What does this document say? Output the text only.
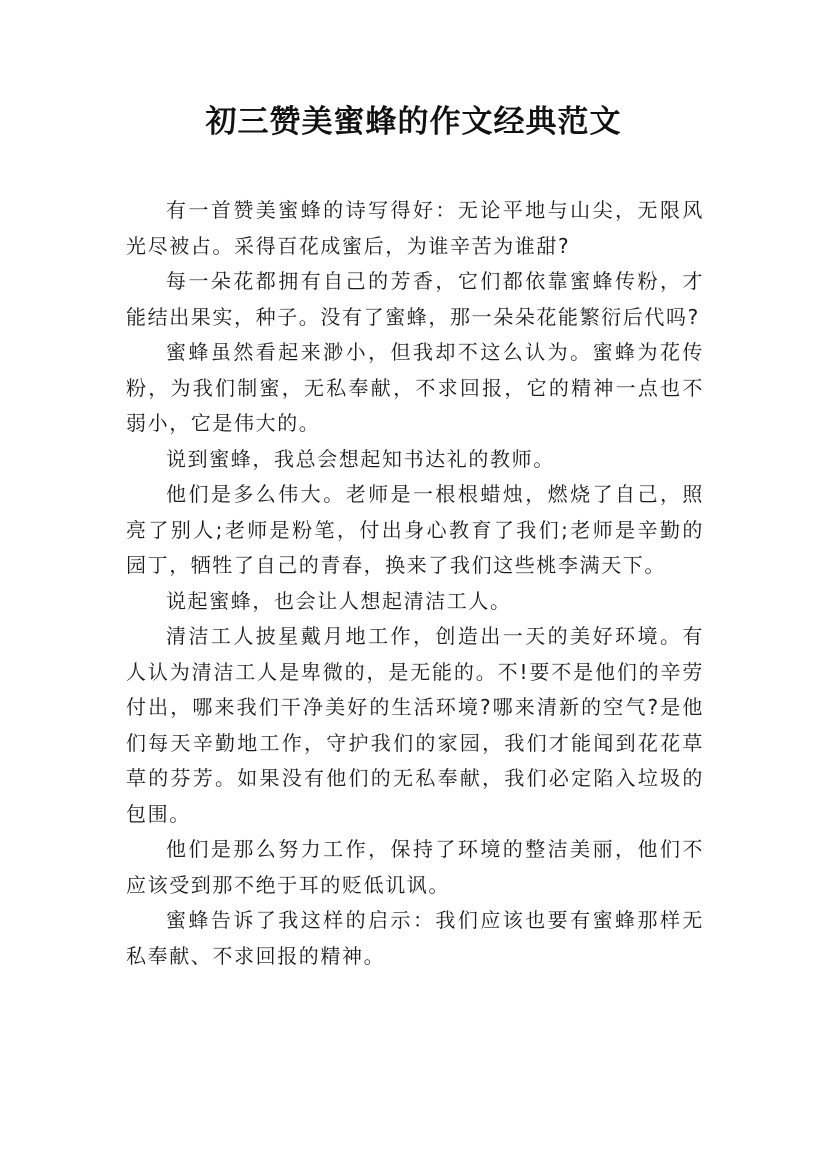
初三赞美蜜蜂的作文经典范文

有一首赞美蜜蜂的诗写得好：无论平地与山尖，无限风光尽被占。采得百花成蜜后，为谁辛苦为谁甜?

每一朵花都拥有自己的芳香，它们都依靠蜜蜂传粉，才能结出果实，种子。没有了蜜蜂，那一朵朵花能繁衍后代吗?

蜜蜂虽然看起来渺小，但我却不这么认为。蜜蜂为花传粉，为我们制蜜，无私奉献，不求回报，它的精神一点也不弱小，它是伟大的。

说到蜜蜂，我总会想起知书达礼的教师。

他们是多么伟大。老师是一根根蜡烛，燃烧了自己，照亮了别人;老师是粉笔，付出身心教育了我们;老师是辛勤的园丁，牺牲了自己的青春，换来了我们这些桃李满天下。

说起蜜蜂，也会让人想起清洁工人。

清洁工人披星戴月地工作，创造出一天的美好环境。有人认为清洁工人是卑微的，是无能的。不!要不是他们的辛劳付出，哪来我们干净美好的生活环境?哪来清新的空气?是他们每天辛勤地工作，守护我们的家园，我们才能闻到花花草草的芬芳。如果没有他们的无私奉献，我们必定陷入垃圾的包围。

他们是那么努力工作，保持了环境的整洁美丽，他们不应该受到那不绝于耳的贬低讥讽。

蜜蜂告诉了我这样的启示：我们应该也要有蜜蜂那样无私奉献、不求回报的精神。
